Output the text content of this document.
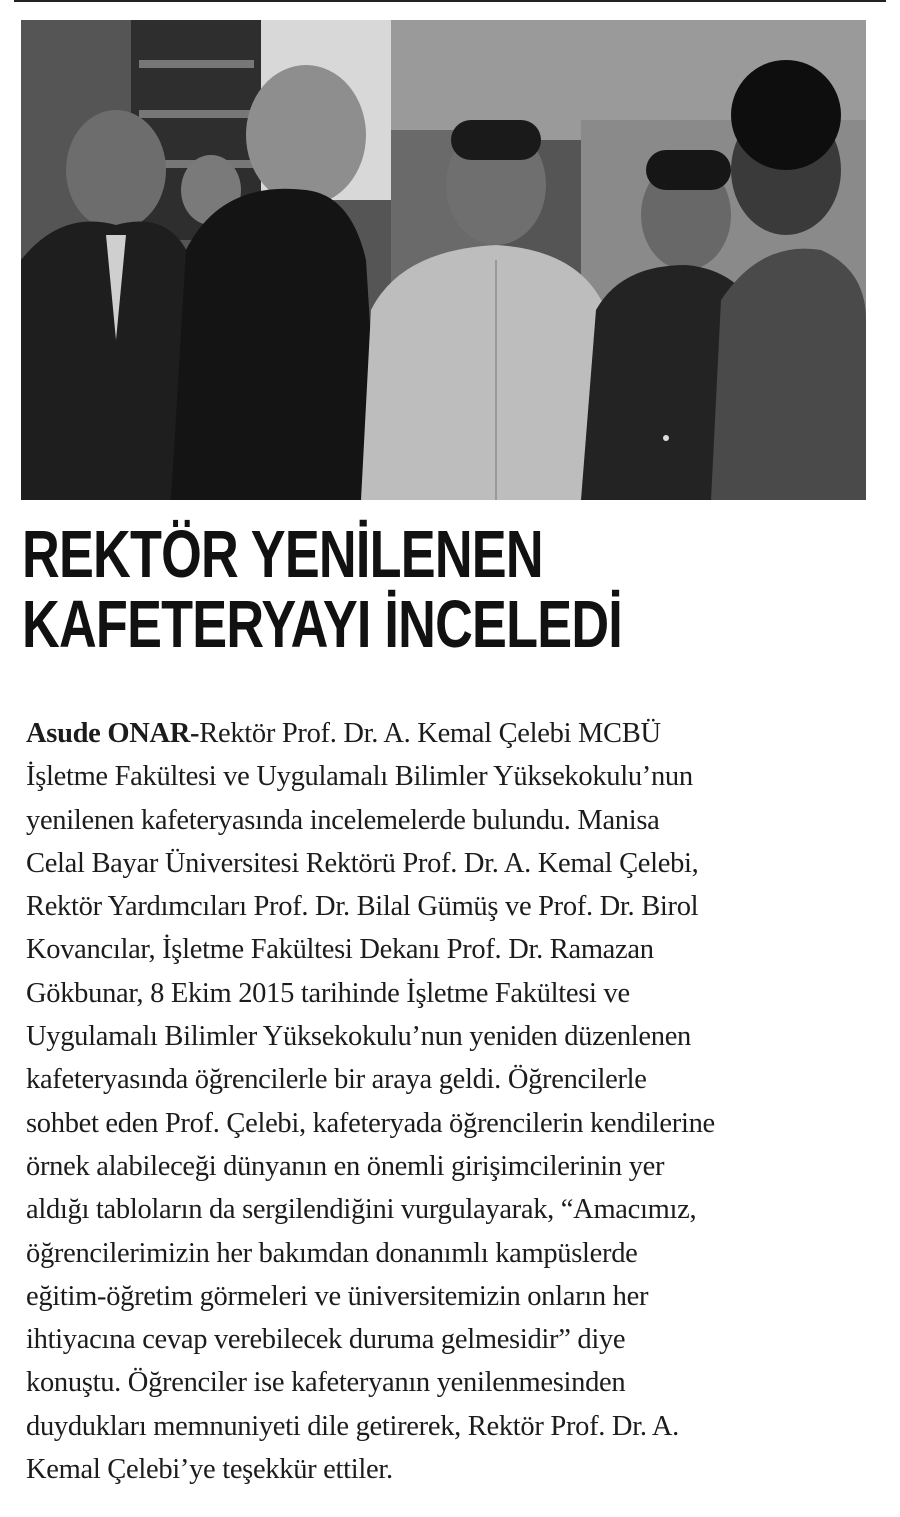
REKTÖR YENİLENEN
KAFETERYAYI İNCELEDİ
Asude ONAR-Rektör Prof. Dr. A. Kemal Çelebi MCBÜ
İşletme Fakültesi ve Uygulamalı Bilimler Yüksekokulu’nun
yenilenen kafeteryasında incelemelerde bulundu. Manisa
Celal Bayar Üniversitesi Rektörü Prof. Dr. A. Kemal Çelebi,
Rektör Yardımcıları Prof. Dr. Bilal Gümüş ve Prof. Dr. Birol
Kovancılar, İşletme Fakültesi Dekanı Prof. Dr. Ramazan
Gökbunar, 8 Ekim 2015 tarihinde İşletme Fakültesi ve
Uygulamalı Bilimler Yüksekokulu’nun yeniden düzenlenen
kafeteryasında öğrencilerle bir araya geldi. Öğrencilerle
sohbet eden Prof. Çelebi, kafeteryada öğrencilerin kendilerine
örnek alabileceği dünyanın en önemli girişimcilerinin yer
aldığı tabloların da sergilendiğini vurgulayarak, “Amacımız,
öğrencilerimizin her bakımdan donanımlı kampüslerde
eğitim-öğretim görmeleri ve üniversitemizin onların her
ihtiyacına cevap verebilecek duruma gelmesidir” diye
konuştu. Öğrenciler ise kafeteryanın yenilenmesinden
duydukları memnuniyeti dile getirerek, Rektör Prof. Dr. A.
Kemal Çelebi’ye teşekkür ettiler.
